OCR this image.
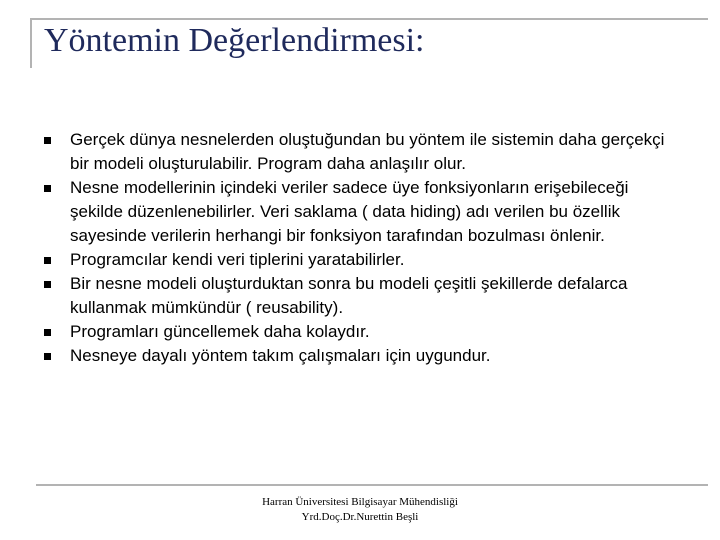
Yöntemin Değerlendirmesi:
Gerçek dünya nesnelerden oluştuğundan bu yöntem ile sistemin daha gerçekçi bir modeli oluşturulabilir. Program daha anlaşılır olur.
Nesne modellerinin içindeki veriler sadece üye fonksiyonların erişebileceği şekilde düzenlenebilirler. Veri saklama ( data hiding) adı verilen bu özellik sayesinde verilerin herhangi bir fonksiyon tarafından bozulması önlenir.
Programcılar kendi veri tiplerini yaratabilirler.
Bir nesne modeli oluşturduktan sonra bu modeli çeşitli şekillerde defalarca kullanmak mümkündür ( reusability).
Programları güncellemek daha kolaydır.
Nesneye dayalı yöntem takım çalışmaları için uygundur.
Harran Üniversitesi Bilgisayar Mühendisliği
Yrd.Doç.Dr.Nurettin Beşli
